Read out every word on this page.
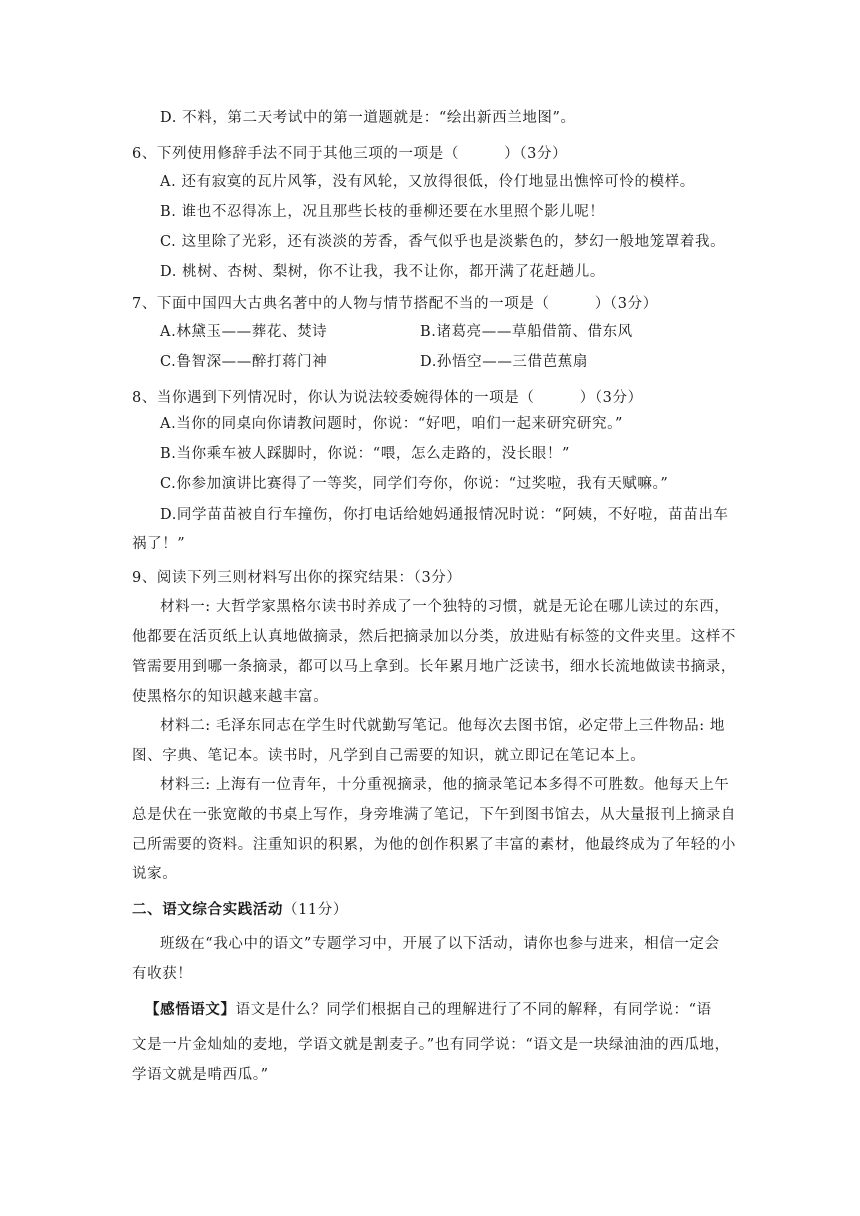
D. 不料，第二天考试中的第一道题就是：“绘出新西兰地图”。
6、下列使用修辞手法不同于其他三项的一项是（　　　）（3分）
A. 还有寂寞的瓦片风筝，没有风轮，又放得很低，伶仃地显出憔悴可怜的模样。
B. 谁也不忍得冻上，况且那些长枝的垂柳还要在水里照个影儿呢！
C. 这里除了光彩，还有淡淡的芳香，香气似乎也是淡紫色的，梦幻一般地笼罩着我。
D. 桃树、杏树、梨树，你不让我，我不让你，都开满了花赶趟儿。
7、下面中国四大古典名著中的人物与情节搭配不当的一项是（　　　）（3分）
A.林黛玉——葬花、焚诗	B.诸葛亮——草船借箭、借东风
C.鲁智深——醉打蒋门神	D.孙悟空——三借芭蕉扇
8、当你遇到下列情况时，你认为说法较委婉得体的一项是（　　　）（3分）
A.当你的同桌向你请教问题时，你说：“好吧，咱们一起来研究研究。”
B.当你乘车被人踩脚时，你说：“喂，怎么走路的，没长眼！”
C.你参加演讲比赛得了一等奖，同学们夸你，你说：“过奖啦，我有天赋嘛。”
D.同学苗苗被自行车撞伤，你打电话给她妈通报情况时说：“阿姨，不好啦，苗苗出车
祸了！”
9、阅读下列三则材料写出你的探究结果：（3分）
材料一: 大哲学家黑格尔读书时养成了一个独特的习惯，就是无论在哪儿读过的东西，
他都要在活页纸上认真地做摘录，然后把摘录加以分类，放进贴有标签的文件夹里。这样不
管需要用到哪一条摘录，都可以马上拿到。长年累月地广泛读书，细水长流地做读书摘录，
使黑格尔的知识越来越丰富。
材料二: 毛泽东同志在学生时代就勤写笔记。他每次去图书馆，必定带上三件物品: 地
图、字典、笔记本。读书时，凡学到自己需要的知识，就立即记在笔记本上。
材料三: 上海有一位青年，十分重视摘录，他的摘录笔记本多得不可胜数。他每天上午
总是伏在一张宽敞的书桌上写作，身旁堆满了笔记，下午到图书馆去，从大量报刊上摘录自
己所需要的资料。注重知识的积累，为他的创作积累了丰富的素材，他最终成为了年轻的小
说家。
二、语文综合实践活动（11分）
班级在“我心中的语文”专题学习中，开展了以下活动，请你也参与进来，相信一定会
有收获！
【感悟语文】语文是什么？同学们根据自己的理解进行了不同的解释，有同学说：“语
文是一片金灿灿的麦地，学语文就是割麦子。”也有同学说：“语文是一块绿油油的西瓜地，
学语文就是啃西瓜。”
